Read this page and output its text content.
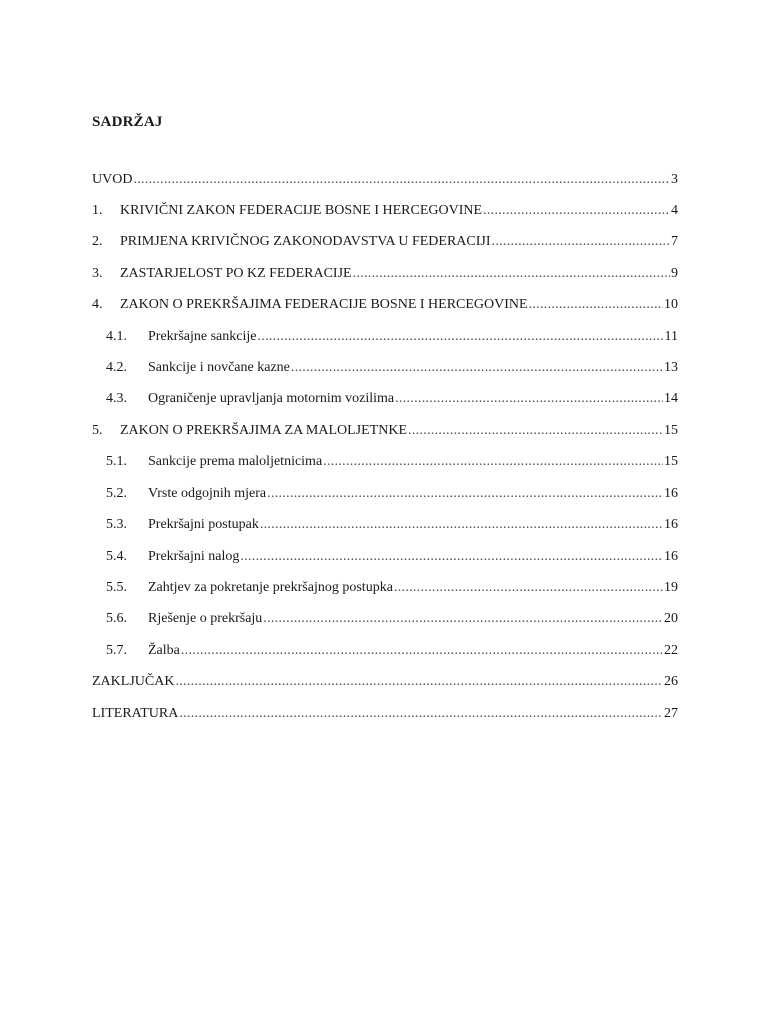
SADRŽAJ
UVOD .....	3
1.	KRIVIČNI ZAKON FEDERACIJE BOSNE I HERCEGOVINE .....	4
2.	PRIMJENA KRIVIČNOG ZAKONODAVSTVA U FEDERACIJI .....	7
3.	ZASTARJELOST PO KZ FEDERACIJE .....	9
4.	ZAKON O PREKRŠAJIMA FEDERACIJE BOSNE I HERCEGOVINE .....	10
4.1.	Prekršajne sankcije .....	11
4.2.	Sankcije i novčane kazne .....	13
4.3.	Ograničenje upravljanja motornim vozilima .....	14
5.	ZAKON O PREKRŠAJIMA ZA MALOLJETNKE .....	15
5.1.	Sankcije prema maloljetnicima .....	15
5.2.	Vrste odgojnih mjera .....	16
5.3.	Prekršajni postupak .....	16
5.4.	Prekršajni nalog .....	16
5.5.	Zahtjev za pokretanje prekršajnog postupka .....	19
5.6.	Rješenje o prekršaju .....	20
5.7.	Žalba .....	22
ZAKLJUČAK .....	26
LITERATURA .....	27
